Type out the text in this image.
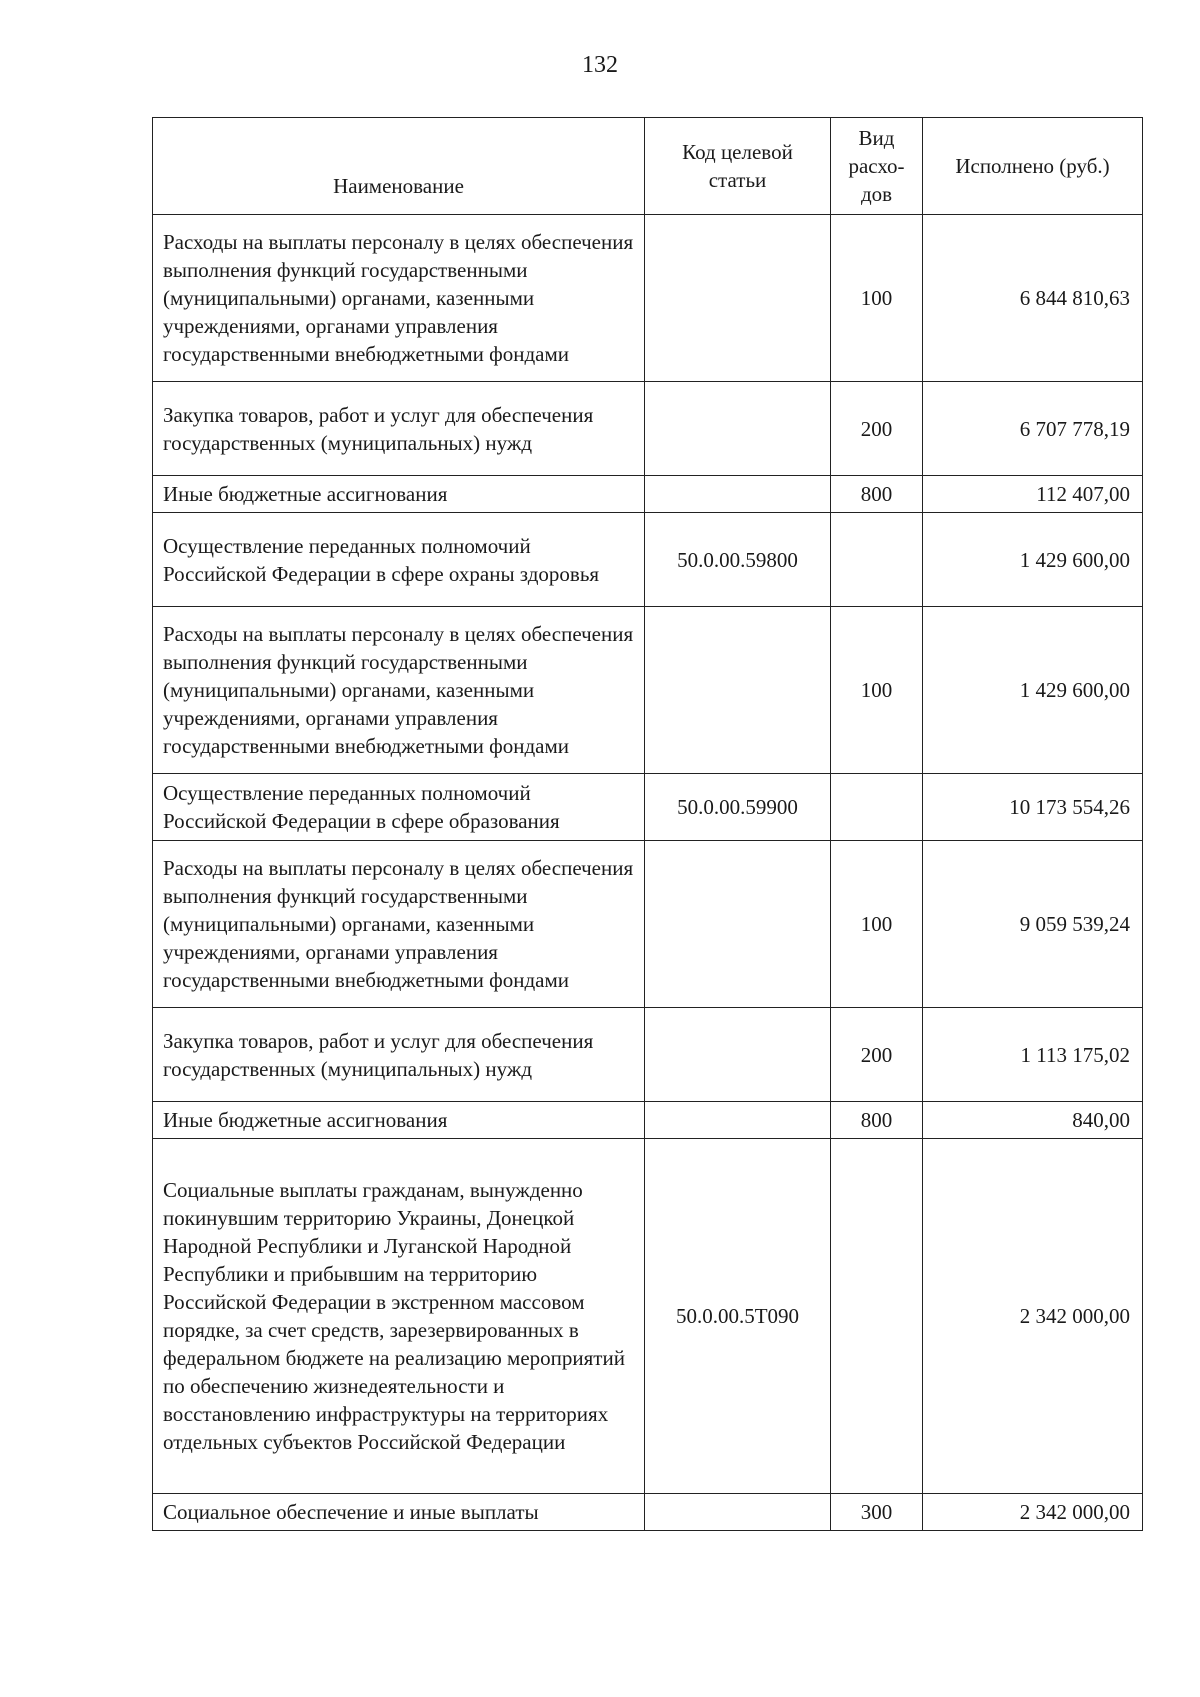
132
Наименование	Код целевой статьи	Вид расхо-дов	Исполнено (руб.)
Расходы на выплаты персоналу в целях обеспечения выполнения функций государственными (муниципальными) органами, казенными учреждениями, органами управления государственными внебюджетными фондами		100	6 844 810,63
Закупка товаров, работ и услуг для обеспечения государственных (муниципальных) нужд		200	6 707 778,19
Иные бюджетные ассигнования		800	112 407,00
Осуществление переданных полномочий Российской Федерации в сфере охраны здоровья	50.0.00.59800		1 429 600,00
Расходы на выплаты персоналу в целях обеспечения выполнения функций государственными (муниципальными) органами, казенными учреждениями, органами управления государственными внебюджетными фондами		100	1 429 600,00
Осуществление переданных полномочий Российской Федерации в сфере образования	50.0.00.59900		10 173 554,26
Расходы на выплаты персоналу в целях обеспечения выполнения функций государственными (муниципальными) органами, казенными учреждениями, органами управления государственными внебюджетными фондами		100	9 059 539,24
Закупка товаров, работ и услуг для обеспечения государственных (муниципальных) нужд		200	1 113 175,02
Иные бюджетные ассигнования		800	840,00
Социальные выплаты гражданам, вынужденно покинувшим территорию Украины, Донецкой Народной Республики и Луганской Народной Республики и прибывшим на территорию Российской Федерации в экстренном массовом порядке, за счет средств, зарезервированных в федеральном бюджете на реализацию мероприятий по обеспечению жизнедеятельности и восстановлению инфраструктуры на территориях отдельных субъектов Российской Федерации	50.0.00.5Т090		2 342 000,00
Социальное обеспечение и иные выплаты		300	2 342 000,00
